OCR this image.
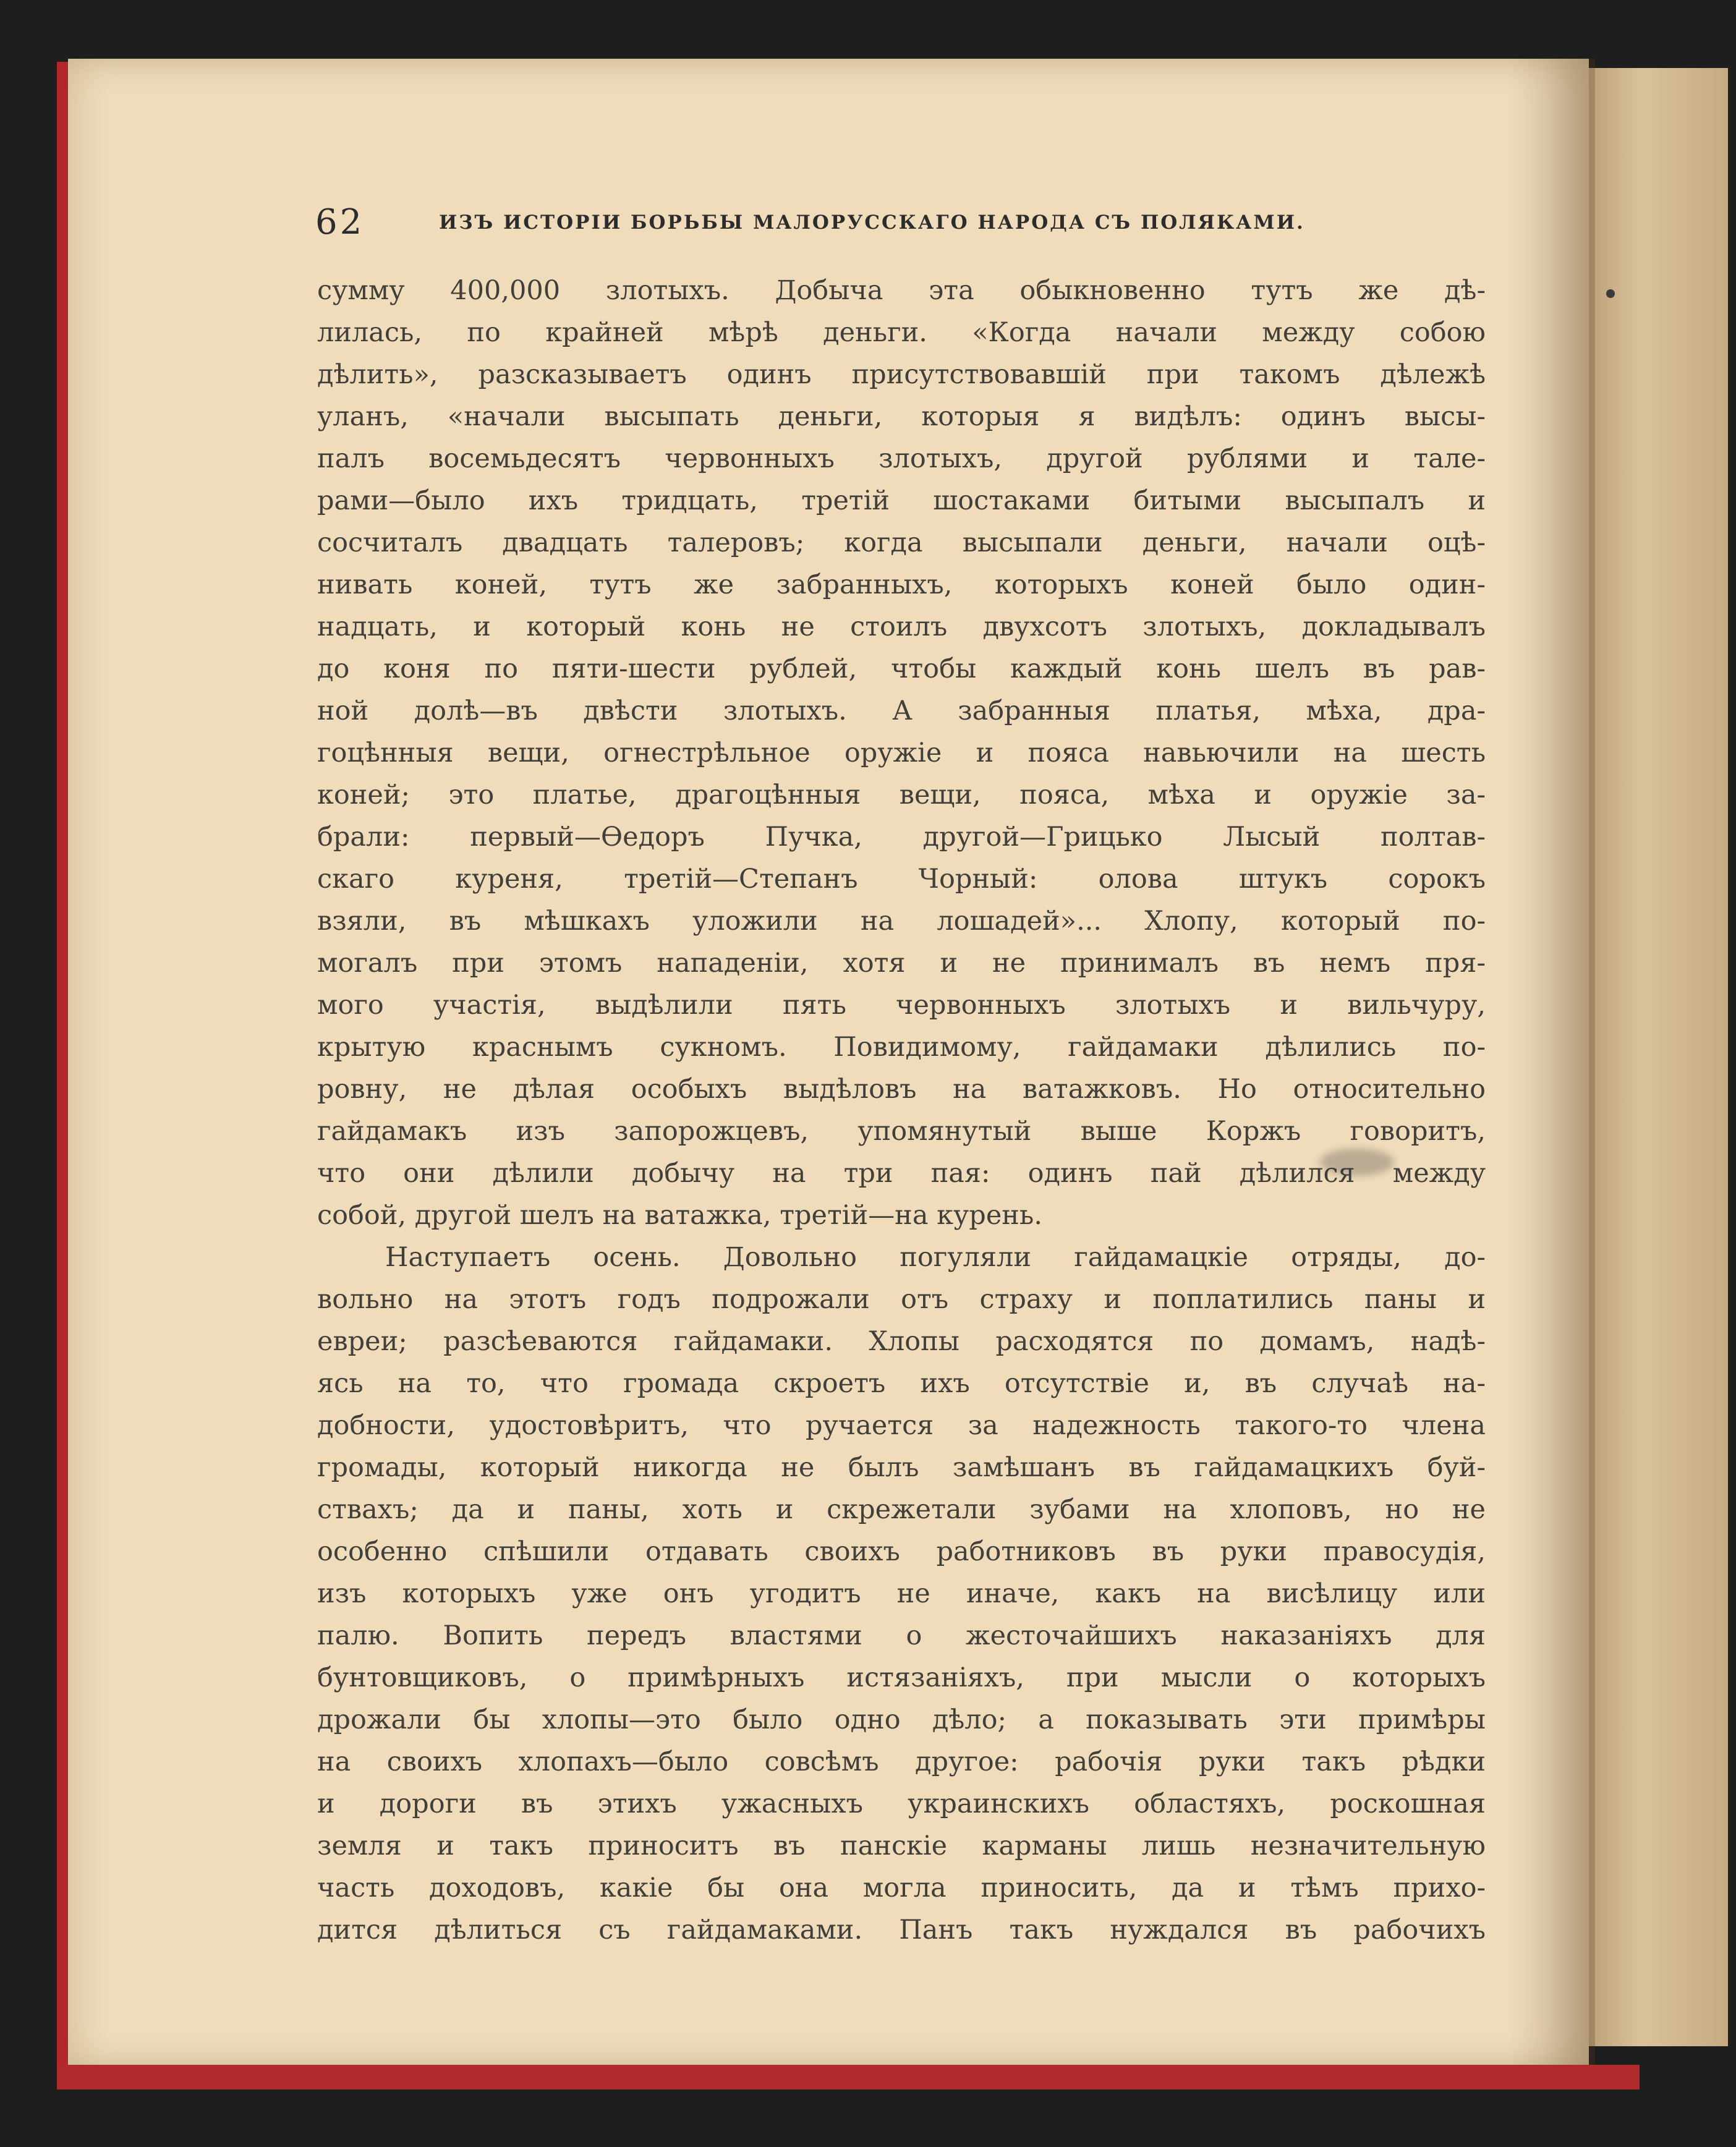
62	ИЗЪ ИСТОРІИ БОРЬБЫ МАЛОРУССКАГО НАРОДА СЪ ПОЛЯКАМИ.
сумму 400,000 злотыхъ. Добыча эта обыкновенно тутъ же дѣ-
лилась, по крайней мѣрѣ деньги. «Когда начали между собою
дѣлить», разсказываетъ одинъ присутствовавшій при такомъ дѣлежѣ
уланъ, «начали высыпать деньги, которыя я видѣлъ: одинъ высы-
палъ восемьдесятъ червонныхъ злотыхъ, другой рублями и тале-
рами—было ихъ тридцать, третій шостаками битыми высыпалъ и
сосчиталъ двадцать талеровъ; когда высыпали деньги, начали оцѣ-
нивать коней, тутъ же забранныхъ, которыхъ коней было один-
надцать, и который конь не стоилъ двухсотъ злотыхъ, докладывалъ
до коня по пяти-шести рублей, чтобы каждый конь шелъ въ рав-
ной долѣ—въ двѣсти злотыхъ. А забранныя платья, мѣха, дра-
гоцѣнныя вещи, огнестрѣльное оружіе и пояса навьючили на шесть
коней; это платье, драгоцѣнныя вещи, пояса, мѣха и оружіе за-
брали: первый—Ѳедоръ Пучка, другой—Грицько Лысый полтав-
скаго куреня, третій—Степанъ Чорный: олова штукъ сорокъ
взяли, въ мѣшкахъ уложили на лошадей»... Хлопу, который по-
могалъ при этомъ нападеніи, хотя и не принималъ въ немъ пря-
мого участія, выдѣлили пять червонныхъ злотыхъ и вильчуру,
крытую краснымъ сукномъ. Повидимому, гайдамаки дѣлились по-
ровну, не дѣлая особыхъ выдѣловъ на ватажковъ. Но относительно
гайдамакъ изъ запорожцевъ, упомянутый выше Коржъ говоритъ,
что они дѣлили добычу на три пая: одинъ пай дѣлился между
собой, другой шелъ на ватажка, третій—на курень.
Наступаетъ осень. Довольно погуляли гайдамацкіе отряды, до-
вольно на этотъ годъ подрожали отъ страху и поплатились паны и
евреи; разсѣеваются гайдамаки. Хлопы расходятся по домамъ, надѣ-
ясь на то, что громада скроетъ ихъ отсутствіе и, въ случаѣ на-
добности, удостовѣритъ, что ручается за надежность такого-то члена
громады, который никогда не былъ замѣшанъ въ гайдамацкихъ буй-
ствахъ; да и паны, хоть и скрежетали зубами на хлоповъ, но не
особенно спѣшили отдавать своихъ работниковъ въ руки правосудія,
изъ которыхъ уже онъ угодитъ не иначе, какъ на висѣлицу или
палю. Вопить передъ властями о жесточайшихъ наказаніяхъ для
бунтовщиковъ, о примѣрныхъ истязаніяхъ, при мысли о которыхъ
дрожали бы хлопы—это было одно дѣло; а показывать эти примѣры
на своихъ хлопахъ—было совсѣмъ другое: рабочія руки такъ рѣдки
и дороги въ этихъ ужасныхъ украинскихъ областяхъ, роскошная
земля и такъ приноситъ въ панскіе карманы лишь незначительную
часть доходовъ, какіе бы она могла приносить, да и тѣмъ прихо-
дится дѣлиться съ гайдамаками. Панъ такъ нуждался въ рабочихъ
